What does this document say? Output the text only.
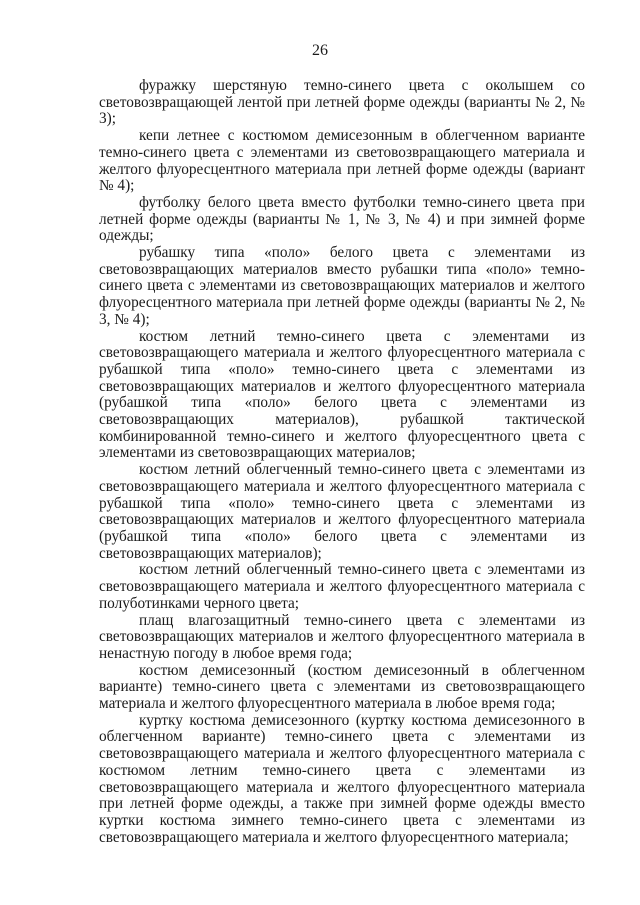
26

фуражку шерстяную темно-синего цвета с околышем со световозвращающей лентой при летней форме одежды (варианты № 2, № 3);

кепи летнее с костюмом демисезонным в облегченном варианте темно-синего цвета с элементами из световозвращающего материала и желтого флуоресцентного материала при летней форме одежды (вариант № 4);

футболку белого цвета вместо футболки темно-синего цвета при летней форме одежды (варианты № 1, № 3, № 4) и при зимней форме одежды;

рубашку типа «поло» белого цвета с элементами из световозвращающих материалов вместо рубашки типа «поло» темно-синего цвета с элементами из световозвращающих материалов и желтого флуоресцентного материала при летней форме одежды (варианты № 2, № 3, № 4);

костюм летний темно-синего цвета с элементами из световозвращающего материала и желтого флуоресцентного материала с рубашкой типа «поло» темно-синего цвета с элементами из световозвращающих материалов и желтого флуоресцентного материала (рубашкой типа «поло» белого цвета с элементами из световозвращающих материалов), рубашкой тактической комбинированной темно-синего и желтого флуоресцентного цвета с элементами из световозвращающих материалов;

костюм летний облегченный темно-синего цвета с элементами из световозвращающего материала и желтого флуоресцентного материала с рубашкой типа «поло» темно-синего цвета с элементами из световозвращающих материалов и желтого флуоресцентного материала (рубашкой типа «поло» белого цвета с элементами из световозвращающих материалов);

костюм летний облегченный темно-синего цвета с элементами из световозвращающего материала и желтого флуоресцентного материала с полуботинками черного цвета;

плащ влагозащитный темно-синего цвета с элементами из световозвращающих материалов и желтого флуоресцентного материала в ненастную погоду в любое время года;

костюм демисезонный (костюм демисезонный в облегченном варианте) темно-синего цвета с элементами из световозвращающего материала и желтого флуоресцентного материала в любое время года;

куртку костюма демисезонного (куртку костюма демисезонного в облегченном варианте) темно-синего цвета с элементами из световозвращающего материала и желтого флуоресцентного материала с костюмом летним темно-синего цвета с элементами из световозвращающего материала и желтого флуоресцентного материала при летней форме одежды, а также при зимней форме одежды вместо куртки костюма зимнего темно-синего цвета с элементами из световозвращающего материала и желтого флуоресцентного материала;
